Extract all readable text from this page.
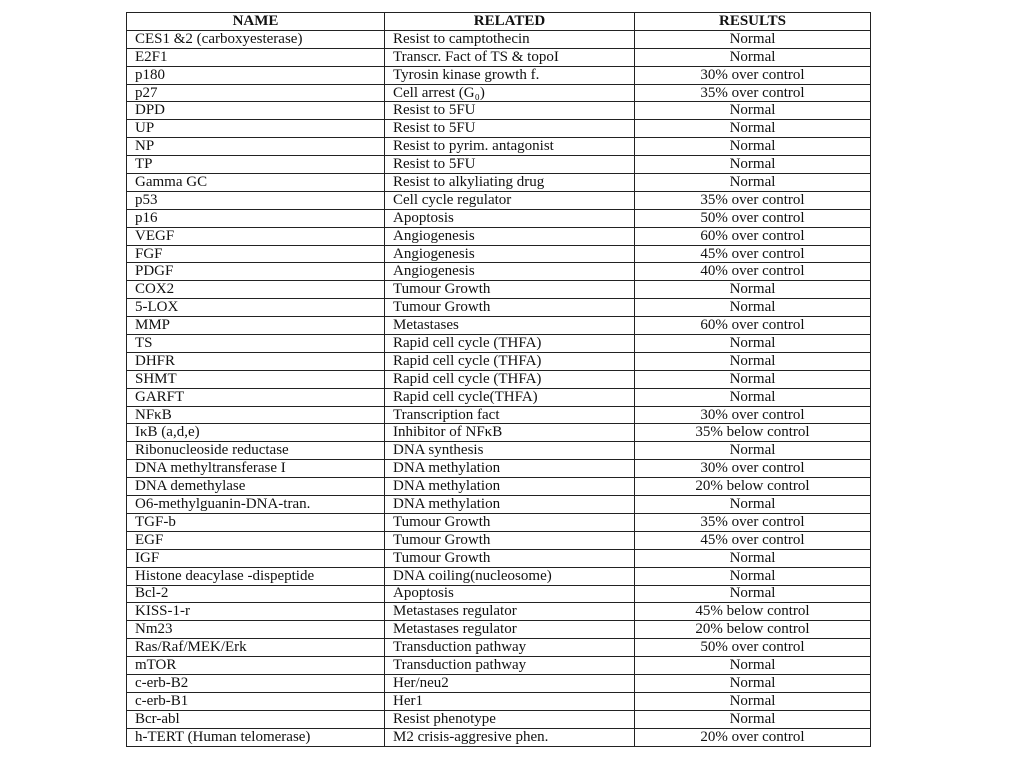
NAME	RELATED	RESULTS
CES1 &2 (carboxyesterase)	Resist to camptothecin	Normal
E2F1	Transcr. Fact of TS & topoI	Normal
p180	Tyrosin kinase growth f.	30% over control
p27	Cell arrest (G₀)	35% over control
DPD	Resist to 5FU	Normal
UP	Resist to 5FU	Normal
NP	Resist to pyrim. antagonist	Normal
TP	Resist to 5FU	Normal
Gamma GC	Resist to alkyliating drug	Normal
p53	Cell cycle regulator	35% over control
p16	Apoptosis	50% over control
VEGF	Angiogenesis	60% over control
FGF	Angiogenesis	45% over control
PDGF	Angiogenesis	40% over control
COX2	Tumour Growth	Normal
5-LOX	Tumour Growth	Normal
MMP	Metastases	60% over control
TS	Rapid cell cycle (THFA)	Normal
DHFR	Rapid cell cycle (THFA)	Normal
SHMT	Rapid cell cycle (THFA)	Normal
GARFT	Rapid cell cycle(THFA)	Normal
NFκB	Transcription fact	30% over control
IκB (a,d,e)	Inhibitor of NFκB	35% below control
Ribonucleoside reductase	DNA synthesis	Normal
DNA methyltransferase I	DNA methylation	30% over control
DNA demethylase	DNA methylation	20% below control
O6-methylguanin-DNA-tran.	DNA methylation	Normal
TGF-b	Tumour Growth	35% over control
EGF	Tumour Growth	45% over control
IGF	Tumour Growth	Normal
Histone deacylase -dispeptide	DNA coiling(nucleosome)	Normal
Bcl-2	Apoptosis	Normal
KISS-1-r	Metastases regulator	45% below control
Nm23	Metastases regulator	20% below control
Ras/Raf/MEK/Erk	Transduction pathway	50% over control
mTOR	Transduction pathway	Normal
c-erb-B2	Her/neu2	Normal
c-erb-B1	Her1	Normal
Bcr-abl	Resist phenotype	Normal
h-TERT (Human telomerase)	M2 crisis-aggresive phen.	20% over control
